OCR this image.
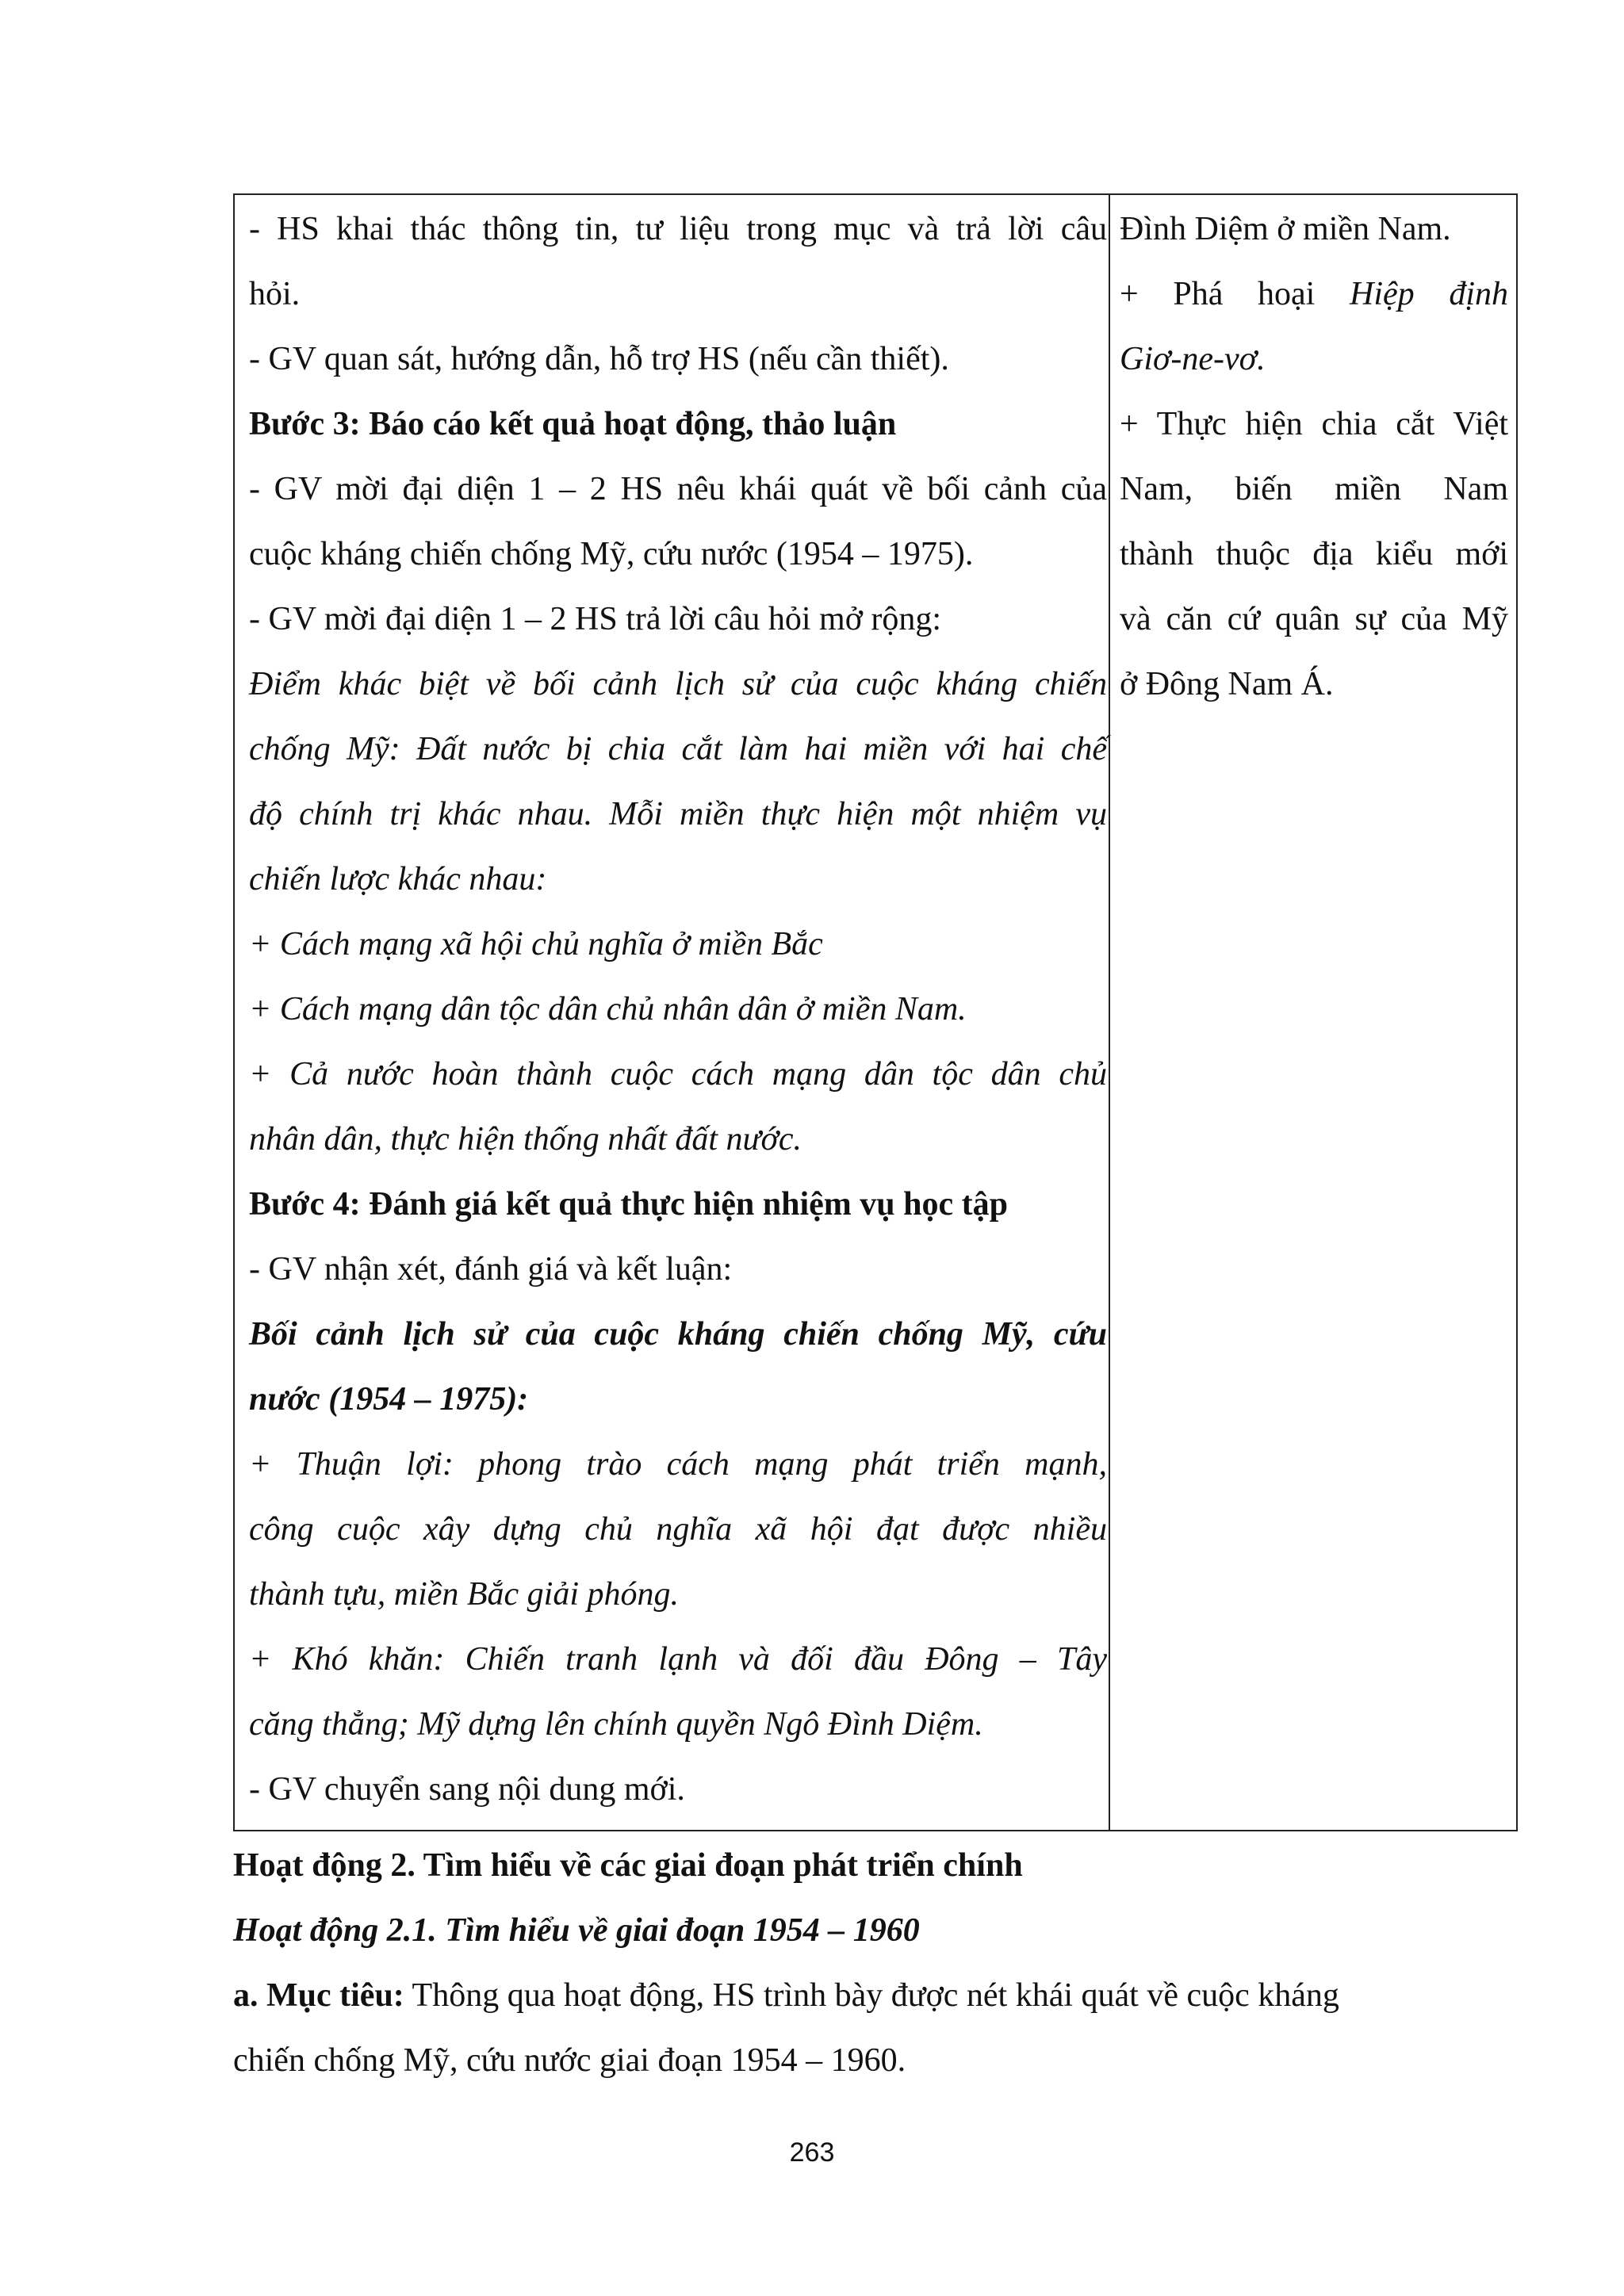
- HS khai thác thông tin, tư liệu trong mục và trả lời câu
hỏi.
- GV quan sát, hướng dẫn, hỗ trợ HS (nếu cần thiết).
Bước 3: Báo cáo kết quả hoạt động, thảo luận
- GV mời đại diện 1 – 2 HS nêu khái quát về bối cảnh của
cuộc kháng chiến chống Mỹ, cứu nước (1954 – 1975).
- GV mời đại diện 1 – 2 HS trả lời câu hỏi mở rộng:
Điểm khác biệt về bối cảnh lịch sử của cuộc kháng chiến
chống Mỹ: Đất nước bị chia cắt làm hai miền với hai chế
độ chính trị khác nhau. Mỗi miền thực hiện một nhiệm vụ
chiến lược khác nhau:
+ Cách mạng xã hội chủ nghĩa ở miền Bắc
+ Cách mạng dân tộc dân chủ nhân dân ở miền Nam.
+ Cả nước hoàn thành cuộc cách mạng dân tộc dân chủ
nhân dân, thực hiện thống nhất đất nước.
Bước 4: Đánh giá kết quả thực hiện nhiệm vụ học tập
- GV nhận xét, đánh giá và kết luận:
Bối cảnh lịch sử của cuộc kháng chiến chống Mỹ, cứu
nước (1954 – 1975):
+ Thuận lợi: phong trào cách mạng phát triển mạnh,
công cuộc xây dựng chủ nghĩa xã hội đạt được nhiều
thành tựu, miền Bắc giải phóng.
+ Khó khăn: Chiến tranh lạnh và đối đầu Đông – Tây
căng thẳng; Mỹ dựng lên chính quyền Ngô Đình Diệm.
- GV chuyển sang nội dung mới.
Đình Diệm ở miền Nam.
+ Phá hoại Hiệp định
Giơ-ne-vơ.
+ Thực hiện chia cắt Việt
Nam, biến miền Nam
thành thuộc địa kiểu mới
và căn cứ quân sự của Mỹ
ở Đông Nam Á.
Hoạt động 2. Tìm hiểu về các giai đoạn phát triển chính
Hoạt động 2.1. Tìm hiểu về giai đoạn 1954 – 1960
a. Mục tiêu: Thông qua hoạt động, HS trình bày được nét khái quát về cuộc kháng
chiến chống Mỹ, cứu nước giai đoạn 1954 – 1960.
263
